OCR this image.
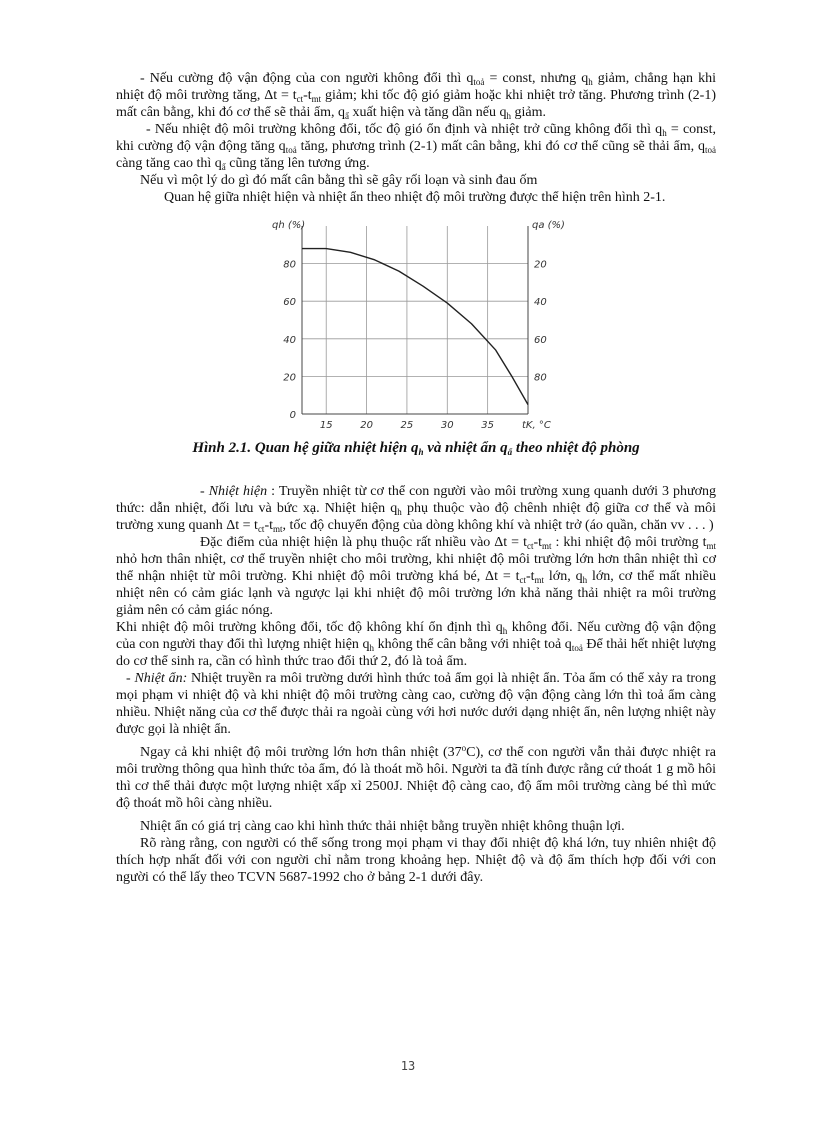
- Nếu cường độ vận động của con người không đổi thì $q_{toả}$ = const, nhưng $q_h$ giảm, chẳng hạn khi nhiệt độ môi trường tăng, $\Delta t = t_{ct}-t_{mt}$ giảm; khi tốc độ gió giảm hoặc khi nhiệt trở tăng. Phương trình (2-1) mất cân bằng, khi đó cơ thể sẽ thải ẩm, $q_ẩ$ xuất hiện và tăng dần nếu $q_h$ giảm.

- Nếu nhiệt độ môi trường không đổi, tốc độ gió ổn định và nhiệt trở cũng không đổi thì $q_h$ = const, khi cường độ vận động tăng $q_{toả}$ tăng, phương trình (2-1) mất cân bằng, khi đó cơ thể cũng sẽ thải ẩm, $q_{toả}$ càng tăng cao thì $q_ẩ$ cũng tăng lên tương ứng.

Nếu vì một lý do gì đó mất cân bằng thì sẽ gây rối loạn và sinh đau ốm

Quan hệ giữa nhiệt hiện và nhiệt ẩn theo nhiệt độ môi trường được thể hiện trên hình 2-1.

0
20
40
60
80	20
40
60
80
15	20	25	30	35
qh (%)	qa (%)
tK, °C

Hình 2.1. Quan hệ giữa nhiệt hiện $q_h$ và nhiệt ẩn $q_ẩ$ theo nhiệt độ phòng

- Nhiệt hiện : Truyền nhiệt từ cơ thể con người vào môi trường xung quanh dưới 3 phương thức: dẫn nhiệt, đối lưu và bức xạ. Nhiệt hiện $q_h$ phụ thuộc vào độ chênh nhiệt độ giữa cơ thể và môi trường xung quanh $\Delta t = t_{ct}-t_{mt}$, tốc độ chuyển động của dòng không khí và nhiệt trở (áo quần, chăn vv . . . )

Đặc điểm của nhiệt hiện là phụ thuộc rất nhiều vào $\Delta t = t_{ct}-t_{mt}$ : khi nhiệt độ môi trường $t_{mt}$ nhỏ hơn thân nhiệt, cơ thể truyền nhiệt cho môi trường, khi nhiệt độ môi trường lớn hơn thân nhiệt thì cơ thể nhận nhiệt từ môi trường. Khi nhiệt độ môi trường khá bé, $\Delta t = t_{ct}-t_{mt}$ lớn, $q_h$ lớn, cơ thể mất nhiều nhiệt nên có cảm giác lạnh và ngược lại khi nhiệt độ môi trường lớn khả năng thải nhiệt ra môi trường giảm nên có cảm giác nóng.

Khi nhiệt độ môi trường không đổi, tốc độ không khí ổn định thì $q_h$ không đổi. Nếu cường độ vận động của con người thay đổi thì lượng nhiệt hiện $q_h$ không thể cân bằng với nhiệt toả $q_{toả}$ Để thải hết nhiệt lượng do cơ thể sinh ra, cần có hình thức trao đổi thứ 2, đó là toả ẩm.

- Nhiệt ẩn: Nhiệt truyền ra môi trường dưới hình thức toả ẩm gọi là nhiệt ẩn. Tỏa ẩm có thể xảy ra trong mọi phạm vi nhiệt độ và khi nhiệt độ môi trường càng cao, cường độ vận động càng lớn thì toả ẩm càng nhiều. Nhiệt năng của cơ thể được thải ra ngoài cùng với hơi nước dưới dạng nhiệt ẩn, nên lượng nhiệt này được gọi là nhiệt ẩn.

Ngay cả khi nhiệt độ môi trường lớn hơn thân nhiệt (37$^o$C), cơ thể con người vẫn thải được nhiệt ra môi trường thông qua hình thức tỏa ẩm, đó là thoát mồ hôi. Người ta đã tính được rằng cứ thoát 1 g mồ hôi thì cơ thể thải được một lượng nhiệt xấp xỉ 2500J. Nhiệt độ càng cao, độ ẩm môi trường càng bé thì mức độ thoát mồ hôi càng nhiều.

Nhiệt ẩn có giá trị càng cao khi hình thức thải nhiệt bằng truyền nhiệt không thuận lợi.

Rõ ràng rằng, con người có thể sống trong mọi phạm vi thay đổi nhiệt độ khá lớn, tuy nhiên nhiệt độ thích hợp nhất đối với con người chỉ nằm trong khoảng hẹp. Nhiệt độ và độ ẩm thích hợp đối với con người có thể lấy theo TCVN 5687-1992 cho ở bảng 2-1 dưới đây.

13
